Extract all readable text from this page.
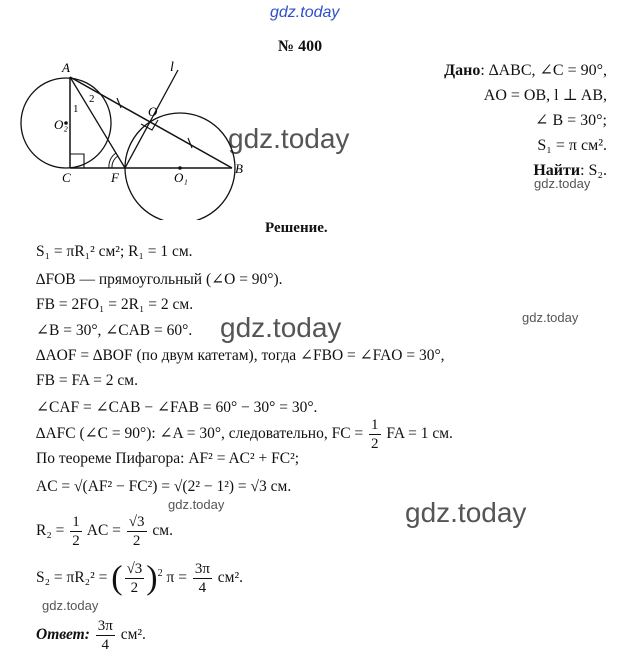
gdz.today
gdz.today
gdz.today
gdz.today
gdz.today
gdz.today	gdz.today
gdz.today
№ 400
A
C	F
O
O₁
O₂
B
l
1
2
Дано: ∆ABC, ∠C = 90°,
AO = OB, l ⊥ AB,
∠ B = 30°;
S₁ = π см².
Найти: S₂.
Решение.
S₁ = πR₁² см²; R₁ = 1 см.
∆FOB — прямоугольный (∠O = 90°).
FB = 2FO₁ = 2R₁ = 2 см.
∠B = 30°, ∠CAB = 60°.
∆AOF = ∆BOF (по двум катетам), тогда ∠FBO = ∠FAO = 30°,
FB = FA = 2 см.
∠CAF = ∠CAB − ∠FAB = 60° − 30° = 30°.
∆AFC (∠C = 90°): ∠A = 30°, следовательно, FC = $\frac{1}{2}$ FA = 1 см.
По теореме Пифагора: AF² = AC² + FC²;
AC = √(AF² − FC²) = √(2² − 1²) = √3 см.
$R_2 = \frac{1}{2}$ AC = $\frac{√3}{2}$ см.
S₂ = πR₂² = ( $\frac{√3}{2} )^2$ $\pi = \frac{3\pi}{4} см^2$.
Ответ: $\frac{3\pi}{4} см^2$.
